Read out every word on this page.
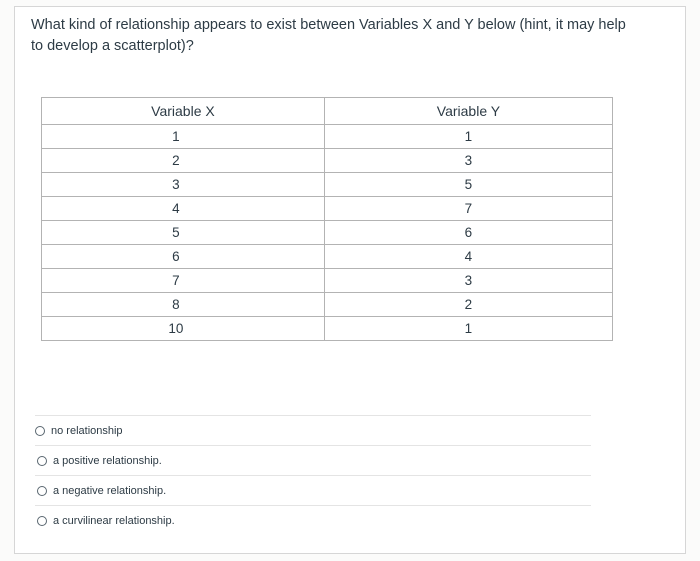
What kind of relationship appears to exist between Variables X and Y below (hint, it may help to develop a scatterplot)?
Variable X	Variable Y
1	1
2	3
3	5
4	7
5	6
6	4
7	3
8	2
10	1
no relationship
a positive relationship.
a negative relationship.
a curvilinear relationship.
